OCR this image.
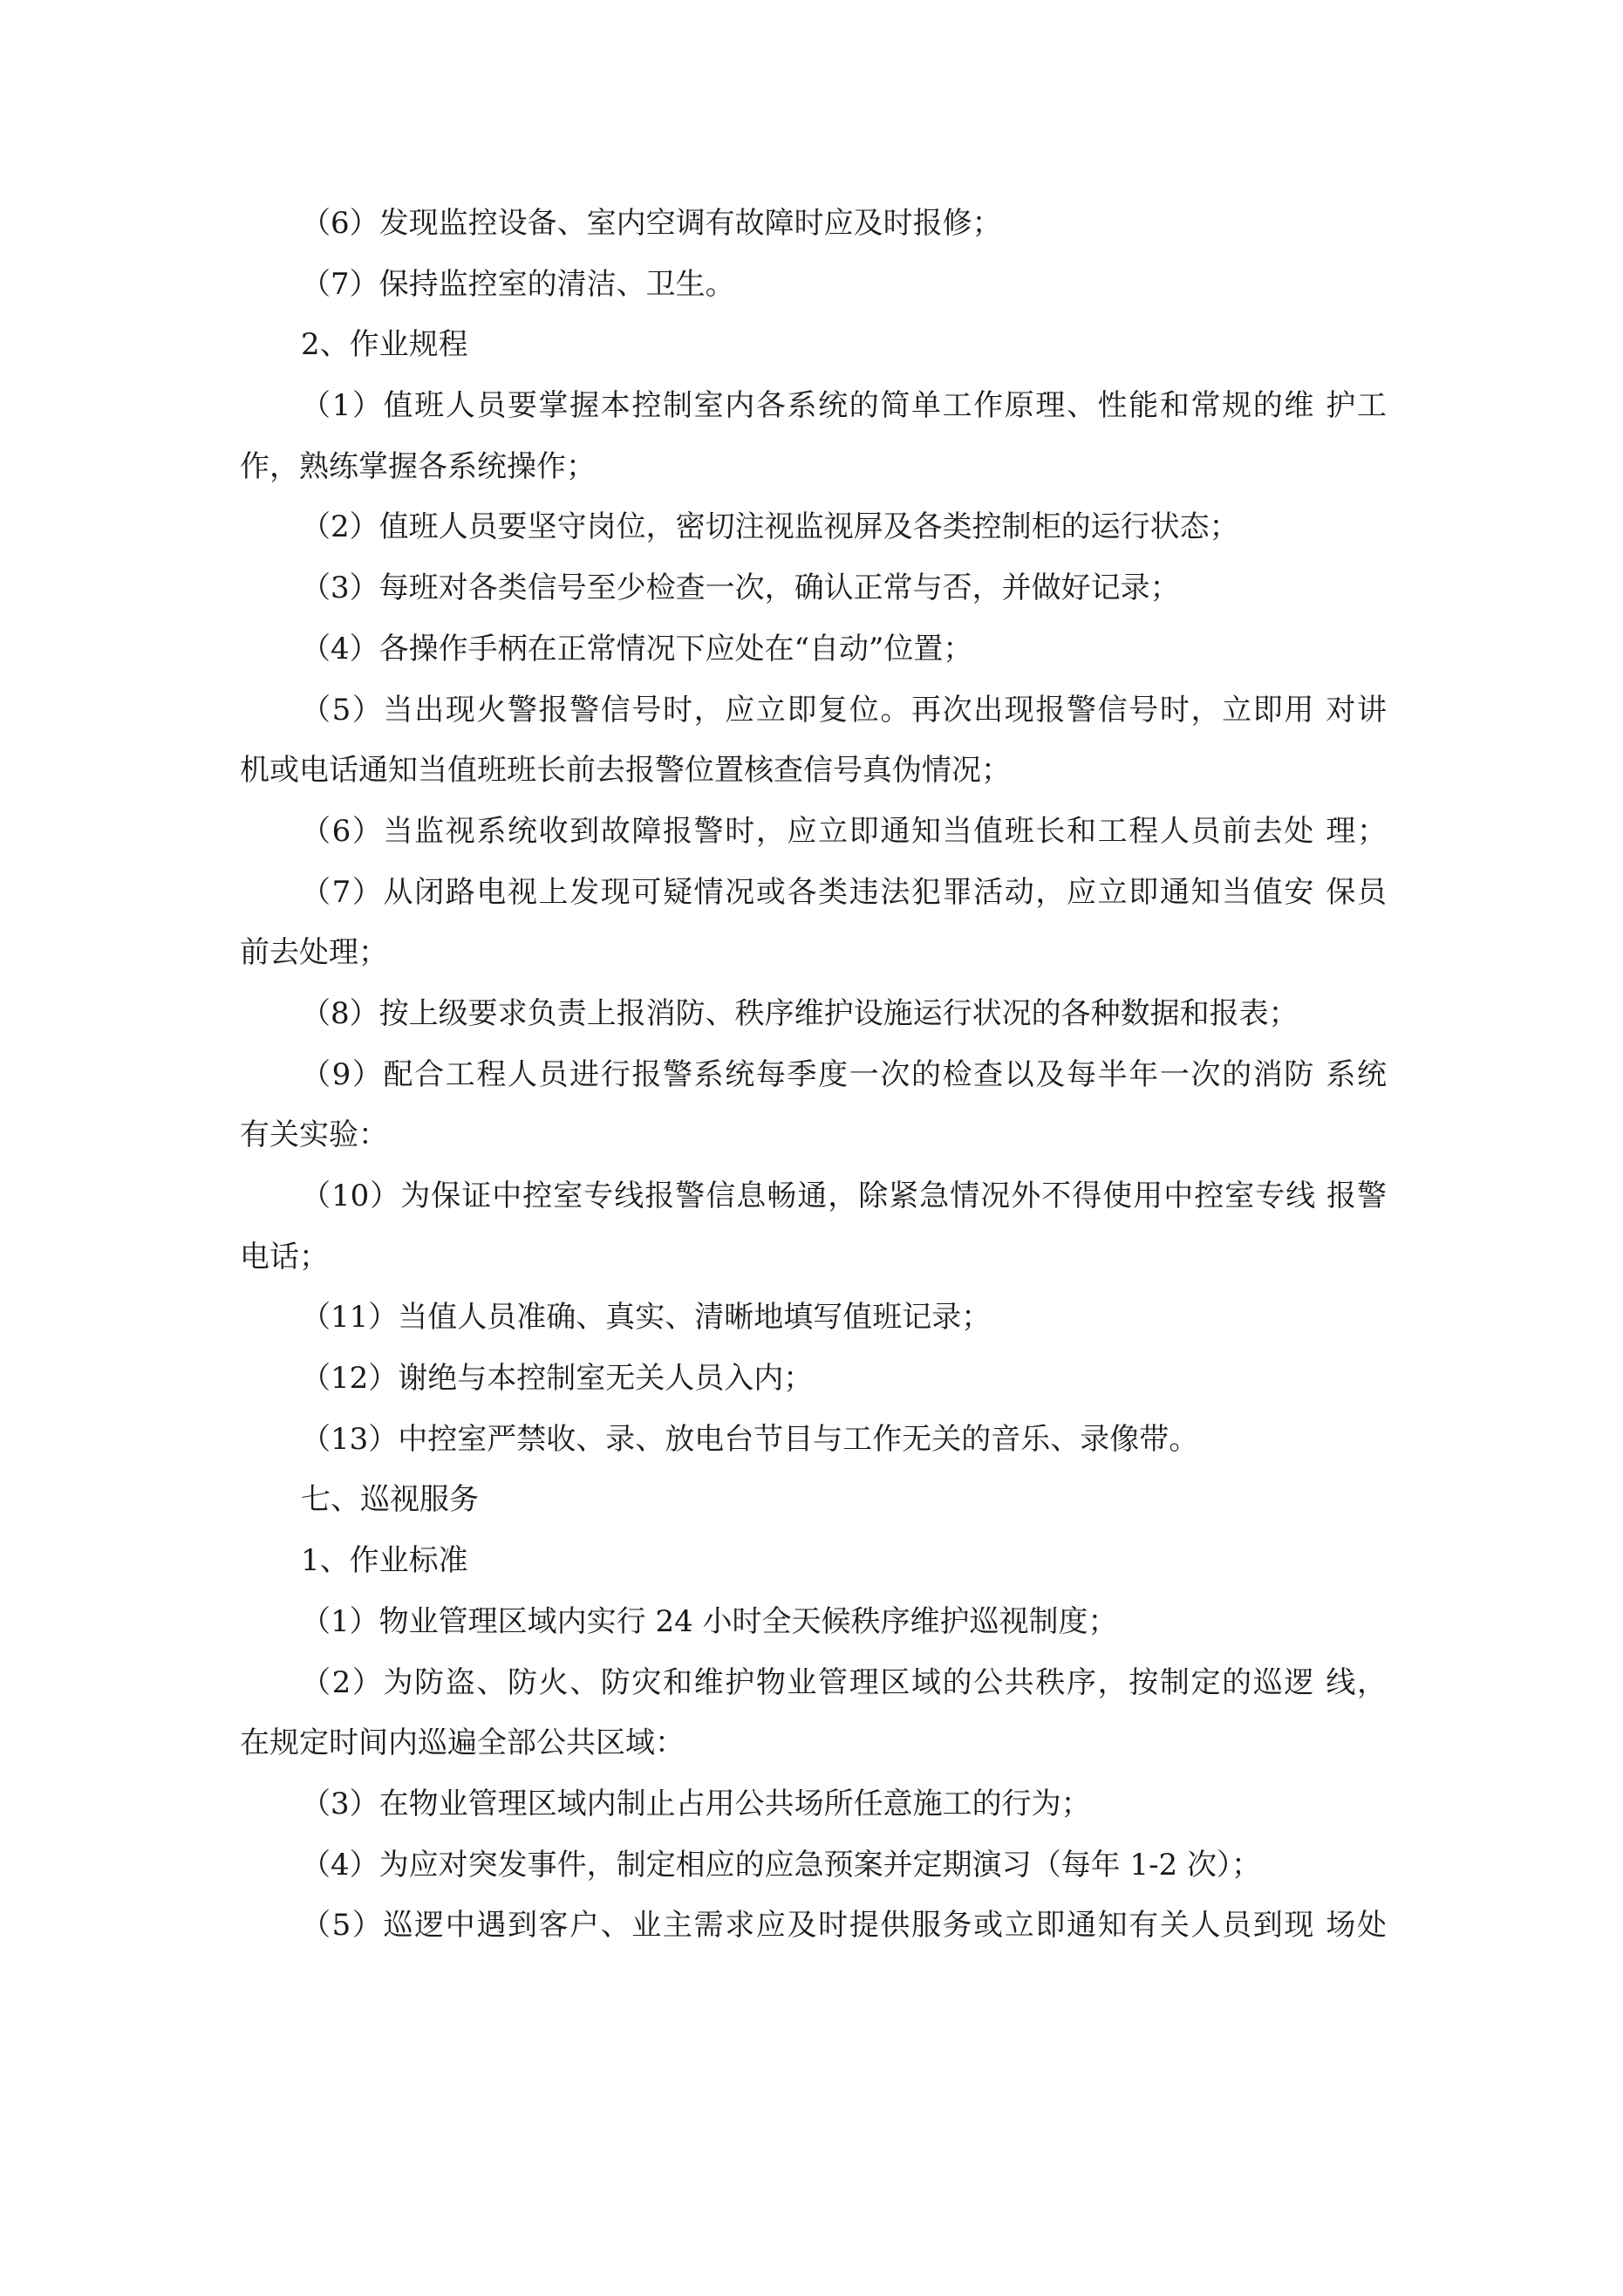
（6）发现监控设备、室内空调有故障时应及时报修；
（7）保持监控室的清洁、卫生。
2、作业规程
（1）值班人员要掌握本控制室内各系统的简单工作原理、性能和常规的维 护工
作，熟练掌握各系统操作；
（2）值班人员要坚守岗位，密切注视监视屏及各类控制柜的运行状态；
（3）每班对各类信号至少检查一次，确认正常与否，并做好记录；
（4）各操作手柄在正常情况下应处在“自动”位置；
（5）当出现火警报警信号时，应立即复位。再次出现报警信号时，立即用 对讲
机或电话通知当值班班长前去报警位置核查信号真伪情况；
（6）当监视系统收到故障报警时，应立即通知当值班长和工程人员前去处 理；
（7）从闭路电视上发现可疑情况或各类违法犯罪活动，应立即通知当值安 保员
前去处理；
（8）按上级要求负责上报消防、秩序维护设施运行状况的各种数据和报表；
（9）配合工程人员进行报警系统每季度一次的检查以及每半年一次的消防 系统
有关实验：
（10）为保证中控室专线报警信息畅通，除紧急情况外不得使用中控室专线 报警
电话；
（11）当值人员准确、真实、清晰地填写值班记录；
（12）谢绝与本控制室无关人员入内；
（13）中控室严禁收、录、放电台节目与工作无关的音乐、录像带。
七、巡视服务
1、作业标准
（1）物业管理区域内实行 24 小时全天候秩序维护巡视制度；
（2）为防盗、防火、防灾和维护物业管理区域的公共秩序，按制定的巡逻 线，
在规定时间内巡遍全部公共区域：
（3）在物业管理区域内制止占用公共场所任意施工的行为；
（4）为应对突发事件，制定相应的应急预案并定期演习（每年 1-2 次）；
（5）巡逻中遇到客户、业主需求应及时提供服务或立即通知有关人员到现 场处
